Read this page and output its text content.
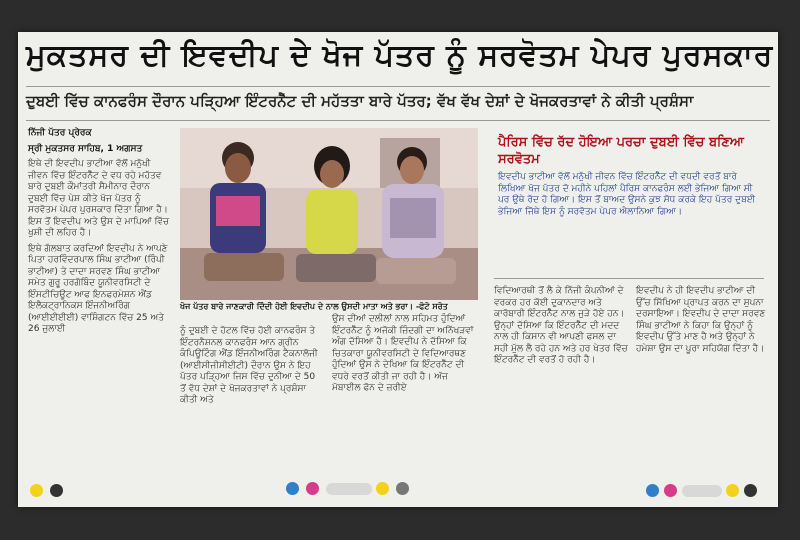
ਮੁਕਤਸਰ ਦੀ ਇਵਦੀਪ ਦੇ ਖੋਜ ਪੱਤਰ ਨੂੰ ਸਰਵੋਤਮ ਪੇਪਰ ਪੁਰਸਕਾਰ
ਦੁਬਈ ਵਿੱਚ ਕਾਨਫਰੰਸ ਦੌਰਾਨ ਪੜ੍ਹਿਆ ਇੰਟਰਨੈੱਟ ਦੀ ਮਹੱਤਤਾ ਬਾਰੇ ਪੱਤਰ; ਵੱਖ ਵੱਖ ਦੇਸ਼ਾਂ ਦੇ ਖੋਜਕਰਤਾਵਾਂ ਨੇ ਕੀਤੀ ਪ੍ਰਸ਼ੰਸਾ

ਨਿੱਜੀ ਪੱਤਰ ਪ੍ਰੇਰਕ

ਸ੍ਰੀ ਮੁਕਤਸਰ ਸਾਹਿਬ, 1 ਅਗਸਤ

ਇਥੇ ਦੀ ਇਵਦੀਪ ਭਾਟੀਆ ਵੱਲੋਂ ਮਨੁੱਖੀ ਜੀਵਨ ਵਿੱਚ ਇੰਟਰਨੈੱਟ ਦੇ ਵਧ ਰਹੇ ਮਹੱਤਵ ਬਾਰੇ ਦੁਬਈ ਕੌਮਾਂਤਰੀ ਸੈਮੀਨਾਰ ਦੌਰਾਨ ਦੁਬਈ ਵਿੱਚ ਪੇਸ਼ ਕੀਤੇ ਖੋਜ ਪੱਤਰ ਨੂੰ ਸਰਵੋਤਮ ਪੇਪਰ ਪੁਰਸਕਾਰ ਦਿੱਤਾ ਗਿਆ ਹੈ। ਇਸ ਤੋਂ ਇਵਦੀਪ ਅਤੇ ਉਸ ਦੇ ਮਾਪਿਆਂ ਵਿੱਚ ਖੁਸ਼ੀ ਦੀ ਲਹਿਰ ਹੈ।

ਇਥੇ ਗੱਲਬਾਤ ਕਰਦਿਆਂ ਇਵਦੀਪ ਨੇ ਆਪਣੇ ਪਿਤਾ ਹਰਵਿੰਦਰਪਾਲ ਸਿੰਘ ਭਾਟੀਆ (ਰਿੰਪੀ ਭਾਟੀਆ) ਤੇ ਦਾਦਾ ਸਰਵਣ ਸਿੰਘ ਭਾਟੀਆ ਸਮੇਤ ਗੁਰੂ ਹਰਗੋਬਿੰਦ ਯੂਨੀਵਰਸਿਟੀ ਦੇ ਇੰਸਟੀਚਿਊਟ ਆਫ ਇਨਫਰਮੇਸ਼ਨ ਐਂਡ ਇਲੈਕਟ੍ਰਾਨਿਕਸ ਇੰਜਨੀਅਰਿੰਗ (ਆਈਈਈਈ) ਵਾਸ਼ਿੰਗਟਨ ਵਿੱਚ 25 ਅਤੇ 26 ਜੁਲਾਈ

ਖੋਜ ਪੱਤਰ ਬਾਰੇ ਜਾਣਕਾਰੀ ਦਿੰਦੀ ਹੋਈ ਇਵਦੀਪ ਦੇ ਨਾਲ ਉਸਦੀ ਮਾਤਾ ਅਤੇ ਭਰਾ। -ਫੋਟੋ ਸਰੋਤ

ਨੂੰ ਦੁਬਈ ਦੇ ਹੋਟਲ ਵਿੱਚ ਹੋਈ ਕਾਨਫਰੰਸ ਤੇ ਇੰਟਰਨੈਸ਼ਨਲ ਕਾਨਫਰੰਸ ਆਨ ਗ੍ਰੀਨ ਕੰਪਿਊਟਿੰਗ ਐਂਡ ਇੰਜਨੀਅਰਿੰਗ ਟੈਕਨਾਲੋਜੀ (ਆਈਸੀਜੀਸੀਈਟੀ) ਦੌਰਾਨ ਉਸ ਨੇ ਇਹ ਪੱਤਰ ਪੜ੍ਹਿਆ ਜਿਸ ਵਿੱਚ ਦੁਨੀਆ ਦੇ 50 ਤੋਂ ਵੱਧ ਦੇਸ਼ਾਂ ਦੇ ਖੋਜਕਰਤਾਵਾਂ ਨੇ ਪ੍ਰਸ਼ੰਸਾ ਕੀਤੀ ਅਤੇ

ਉਸ ਦੀਆਂ ਦਲੀਲਾਂ ਨਾਲ ਸਹਿਮਤ ਹੁੰਦਿਆਂ ਇੰਟਰਨੈੱਟ ਨੂੰ ਅਜੋਕੀ ਜ਼ਿੰਦਗੀ ਦਾ ਅਨਿੱਖੜਵਾਂ ਅੰਗ ਦੱਸਿਆ ਹੈ। ਇਵਦੀਪ ਨੇ ਦੱਸਿਆ ਕਿ ਚਿਤਕਾਰਾ ਯੂਨੀਵਰਸਿਟੀ ਦੇ ਵਿਦਿਆਰਥਣ ਹੁੰਦਿਆਂ ਉਸ ਨੇ ਦੇਖਿਆ ਕਿ ਇੰਟਰਨੈੱਟ ਦੀ ਵਧਰੇ ਵਰਤੋਂ ਕੀਤੀ ਜਾ ਰਹੀ ਹੈ। ਅੱਜ ਮੋਬਾਈਲ ਫੋਨ ਦੇ ਜ਼ਰੀਏ

ਪੈਰਿਸ ਵਿੱਚ ਰੱਦ ਹੋਇਆ ਪਰਚਾ ਦੁਬਈ ਵਿੱਚ ਬਣਿਆ ਸਰਵੋਤਮ

ਇਵਦੀਪ ਭਾਟੀਆ ਵੱਲੋਂ ਮਨੁੱਖੀ ਜੀਵਨ ਵਿੱਚ ਇੰਟਰਨੈੱਟ ਦੀ ਵਧਦੀ ਵਰਤੋਂ ਬਾਰੇ ਲਿਖਿਆ ਖੋਜ ਪੱਤਰ ਦੋ ਮਹੀਨੇ ਪਹਿਲਾਂ ਪੈਰਿਸ ਕਾਨਫਰੰਸ ਲਈ ਭੇਜਿਆ ਗਿਆ ਸੀ ਪਰ ਉਥੇ ਰੱਦ ਹੋ ਗਿਆ। ਇਸ ਤੋਂ ਬਾਅਦ ਉਸਨੇ ਕੁਝ ਸੋਧ ਕਰਕੇ ਇਹ ਪੱਤਰ ਦੁਬਈ ਭੇਜਿਆ ਜਿੱਥੇ ਇਸ ਨੂੰ ਸਰਵੋਤਮ ਪੇਪਰ ਐਲਾਨਿਆ ਗਿਆ।

ਵਿਦਿਆਰਥੀ ਤੋਂ ਲੈ ਕੇ ਨਿੱਜੀ ਕੰਪਨੀਆਂ ਦੇ ਵਰਕਰ ਹਰ ਕੋਈ ਦੁਕਾਨਦਾਰ ਅਤੇ ਕਾਰੋਬਾਰੀ ਇੰਟਰਨੈੱਟ ਨਾਲ ਜੁੜੇ ਹੋਏ ਹਨ। ਉਨ੍ਹਾਂ ਦੱਸਿਆ ਕਿ ਇੰਟਰਨੈੱਟ ਦੀ ਮਦਦ ਨਾਲ ਹੀ ਕਿਸਾਨ ਵੀ ਆਪਣੀ ਫਸਲ ਦਾ ਸਹੀ ਮੁੱਲ ਲੈ ਰਹੇ ਹਨ ਅਤੇ ਹਰ ਖੇਤਰ ਵਿੱਚ ਇੰਟਰਨੈੱਟ ਦੀ ਵਰਤੋਂ ਹੋ ਰਹੀ ਹੈ।

ਇਵਦੀਪ ਨੇ ਹੀ ਇਵਦੀਪ ਭਾਟੀਆ ਦੀ ਉੱਚ ਸਿੱਖਿਆ ਪ੍ਰਾਪਤ ਕਰਨ ਦਾ ਸੁਪਨਾ ਦਰਸਾਇਆ। ਇਵਦੀਪ ਦੇ ਦਾਦਾ ਸਰਵਣ ਸਿੰਘ ਭਾਟੀਆ ਨੇ ਕਿਹਾ ਕਿ ਉਨ੍ਹਾਂ ਨੂੰ ਇਵਦੀਪ ਉੱਤੇ ਮਾਣ ਹੈ ਅਤੇ ਉਨ੍ਹਾਂ ਨੇ ਹਮੇਸ਼ਾ ਉਸ ਦਾ ਪੂਰਾ ਸਹਿਯੋਗ ਦਿੱਤਾ ਹੈ।
